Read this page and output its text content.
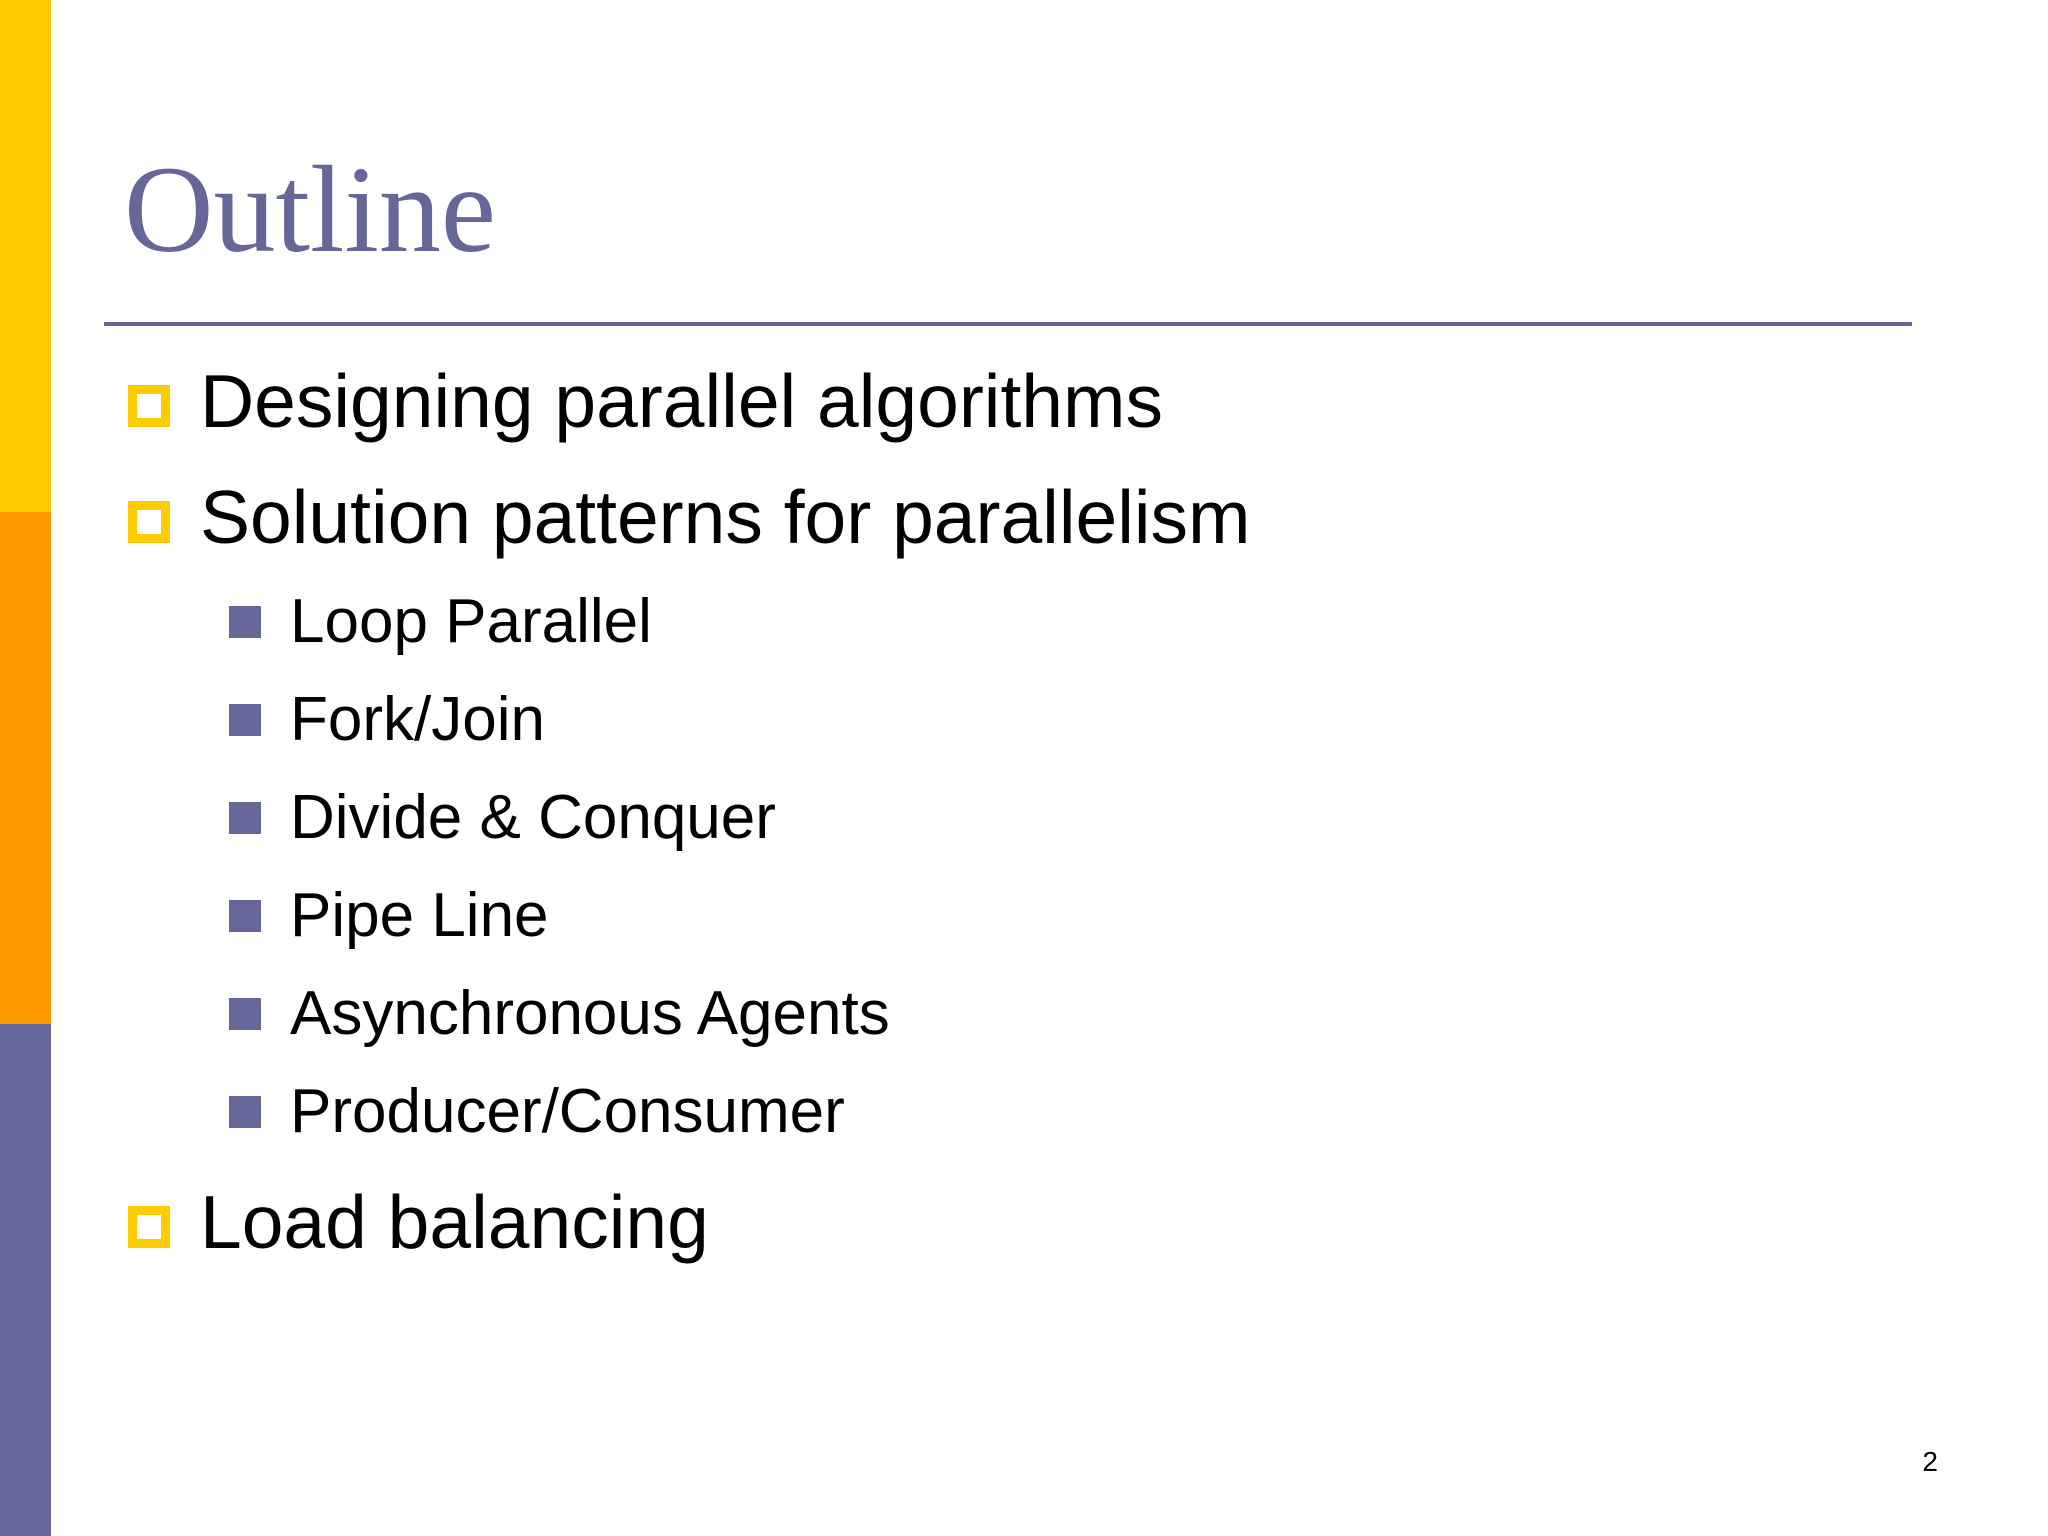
Outline
Designing parallel algorithms
Solution patterns for parallelism
Loop Parallel
Fork/Join
Divide & Conquer
Pipe Line
Asynchronous Agents
Producer/Consumer
Load balancing
2
